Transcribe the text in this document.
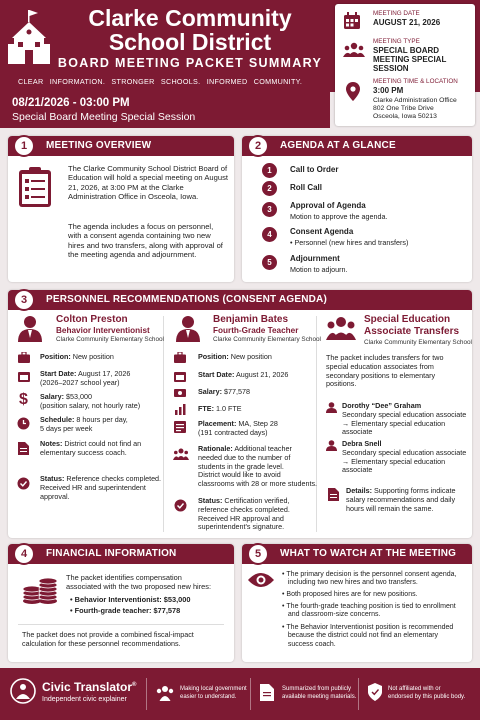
Clarke Community School District
BOARD MEETING PACKET SUMMARY
CLEAR INFORMATION. STRONGER SCHOOLS. INFORMED COMMUNITY.
MEETING DATE
AUGUST 21, 2026
MEETING TYPE
SPECIAL BOARD MEETING SPECIAL SESSION
MEETING TIME & LOCATION
3:00 PM
Clarke Administration Office
802 One Tribe Drive
Osceola, Iowa 50213
08/21/2026 - 03:00 PM
Special Board Meeting Special Session
1	MEETING OVERVIEW
The Clarke Community School District Board of Education will hold a special meeting on August 21, 2026, at 3:00 PM at the Clarke Administration Office in Osceola, Iowa.
The agenda includes a focus on personnel, with a consent agenda containing two new hires and two transfers, along with approval of the meeting agenda and adjournment.
2	AGENDA AT A GLANCE
1	Call to Order
2	Roll Call
3	Approval of Agenda
Motion to approve the agenda.
4	Consent Agenda
• Personnel (new hires and transfers)
5	Adjournment
Motion to adjourn.
3	PERSONNEL RECOMMENDATIONS (CONSENT AGENDA)
Colton Preston
Behavior Interventionist
Clarke Community Elementary School
Position: New position
Start Date: August 17, 2026
(2026–2027 school year)
$ Salary: $53,000
(position salary, not hourly rate)
Schedule: 8 hours per day,
5 days per week
Notes: District could not find an
elementary success coach.
Status: Reference checks completed.
Received HR and superintendent
approval.
Benjamin Bates
Fourth-Grade Teacher
Clarke Community Elementary School
Position: New position
Start Date: August 21, 2026
Salary: $77,578
FTE: 1.0 FTE
Placement: MA, Step 28
(191 contracted days)
Rationale: Additional teacher
needed due to the number of
students in the grade level.
District would like to avoid
classrooms with 28 or more students.
Status: Certification verified,
reference checks completed.
Received HR approval and
superintendent's signature.
Special Education
Associate Transfers
Clarke Community Elementary School
The packet includes transfers for two
special education associates from
secondary positions to elementary
positions.
Dorothy “Dee” Graham
Secondary special education associate
→ Elementary special education associate
Debra Snell
Secondary special education associate
→ Elementary special education associate
Details: Supporting forms indicate
salary recommendations and daily
hours will remain the same.
4	FINANCIAL INFORMATION
The packet identifies compensation
associated with the two proposed new hires:
• Behavior Interventionist: $53,000
• Fourth-grade teacher: $77,578
The packet does not provide a combined fiscal-impact
calculation for these personnel recommendations.
5	WHAT TO WATCH AT THE MEETING
• The primary decision is the personnel consent agenda,
including two new hires and two transfers.
• Both proposed hires are for new positions.
• The fourth-grade teaching position is tied to enrollment
and classroom-size concerns.
• The Behavior Interventionist position is recommended
because the district could not find an elementary
success coach.
Civic Translator®
Independent civic explainer
Making local government
easier to understand.
Summarized from publicly
available meeting materials.
Not affiliated with or
endorsed by this public body.
